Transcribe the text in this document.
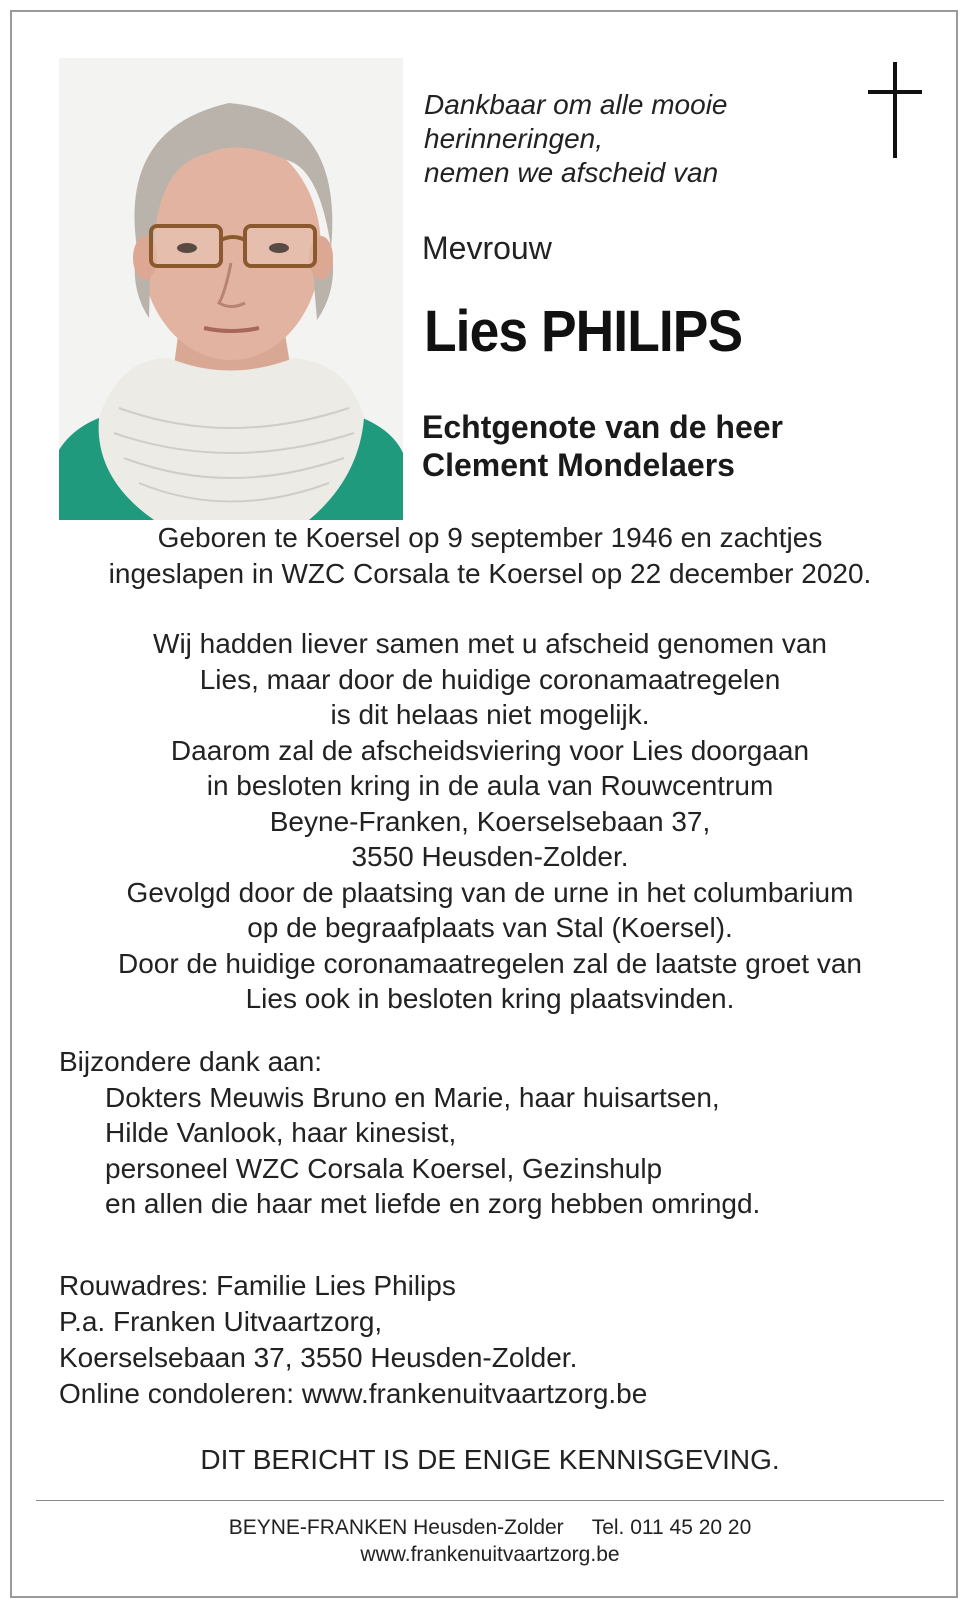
Dankbaar om alle mooie
herinneringen,
nemen we afscheid van
Mevrouw
Lies PHILIPS
Echtgenote van de heer
Clement Mondelaers
Geboren te Koersel op 9 september 1946 en zachtjes
ingeslapen in WZC Corsala te Koersel op 22 december 2020.
Wij hadden liever samen met u afscheid genomen van
Lies, maar door de huidige coronamaatregelen
is dit helaas niet mogelijk.
Daarom zal de afscheidsviering voor Lies doorgaan
in besloten kring in de aula van Rouwcentrum
Beyne-Franken, Koerselsebaan 37,
3550 Heusden-Zolder.
Gevolgd door de plaatsing van de urne in het columbarium
op de begraafplaats van Stal (Koersel).
Door de huidige coronamaatregelen zal de laatste groet van
Lies ook in besloten kring plaatsvinden.
Bijzondere dank aan:
Dokters Meuwis Bruno en Marie, haar huisartsen,
Hilde Vanlook, haar kinesist,
personeel WZC Corsala Koersel, Gezinshulp
en allen die haar met liefde en zorg hebben omringd.
Rouwadres: Familie Lies Philips
P.a. Franken Uitvaartzorg,
Koerselsebaan 37, 3550 Heusden-Zolder.
Online condoleren: www.frankenuitvaartzorg.be
DIT BERICHT IS DE ENIGE KENNISGEVING.
BEYNE-FRANKEN Heusden-Zolder Tel. 011 45 20 20
www.frankenuitvaartzorg.be
